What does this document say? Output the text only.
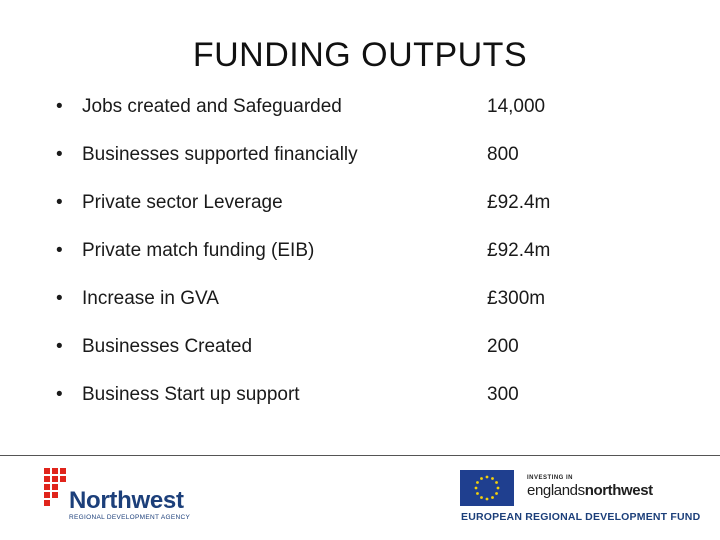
FUNDING OUTPUTS
• Jobs created and Safeguarded	14,000
• Businesses supported financially	800
• Private sector Leverage	£92.4m
• Private match funding (EIB)	£92.4m
• Increase in GVA	£300m
• Businesses Created	200
• Business Start up support	300
Northwest
REGIONAL DEVELOPMENT AGENCY
INVESTING IN
englandsnorthwest
EUROPEAN REGIONAL DEVELOPMENT FUND
